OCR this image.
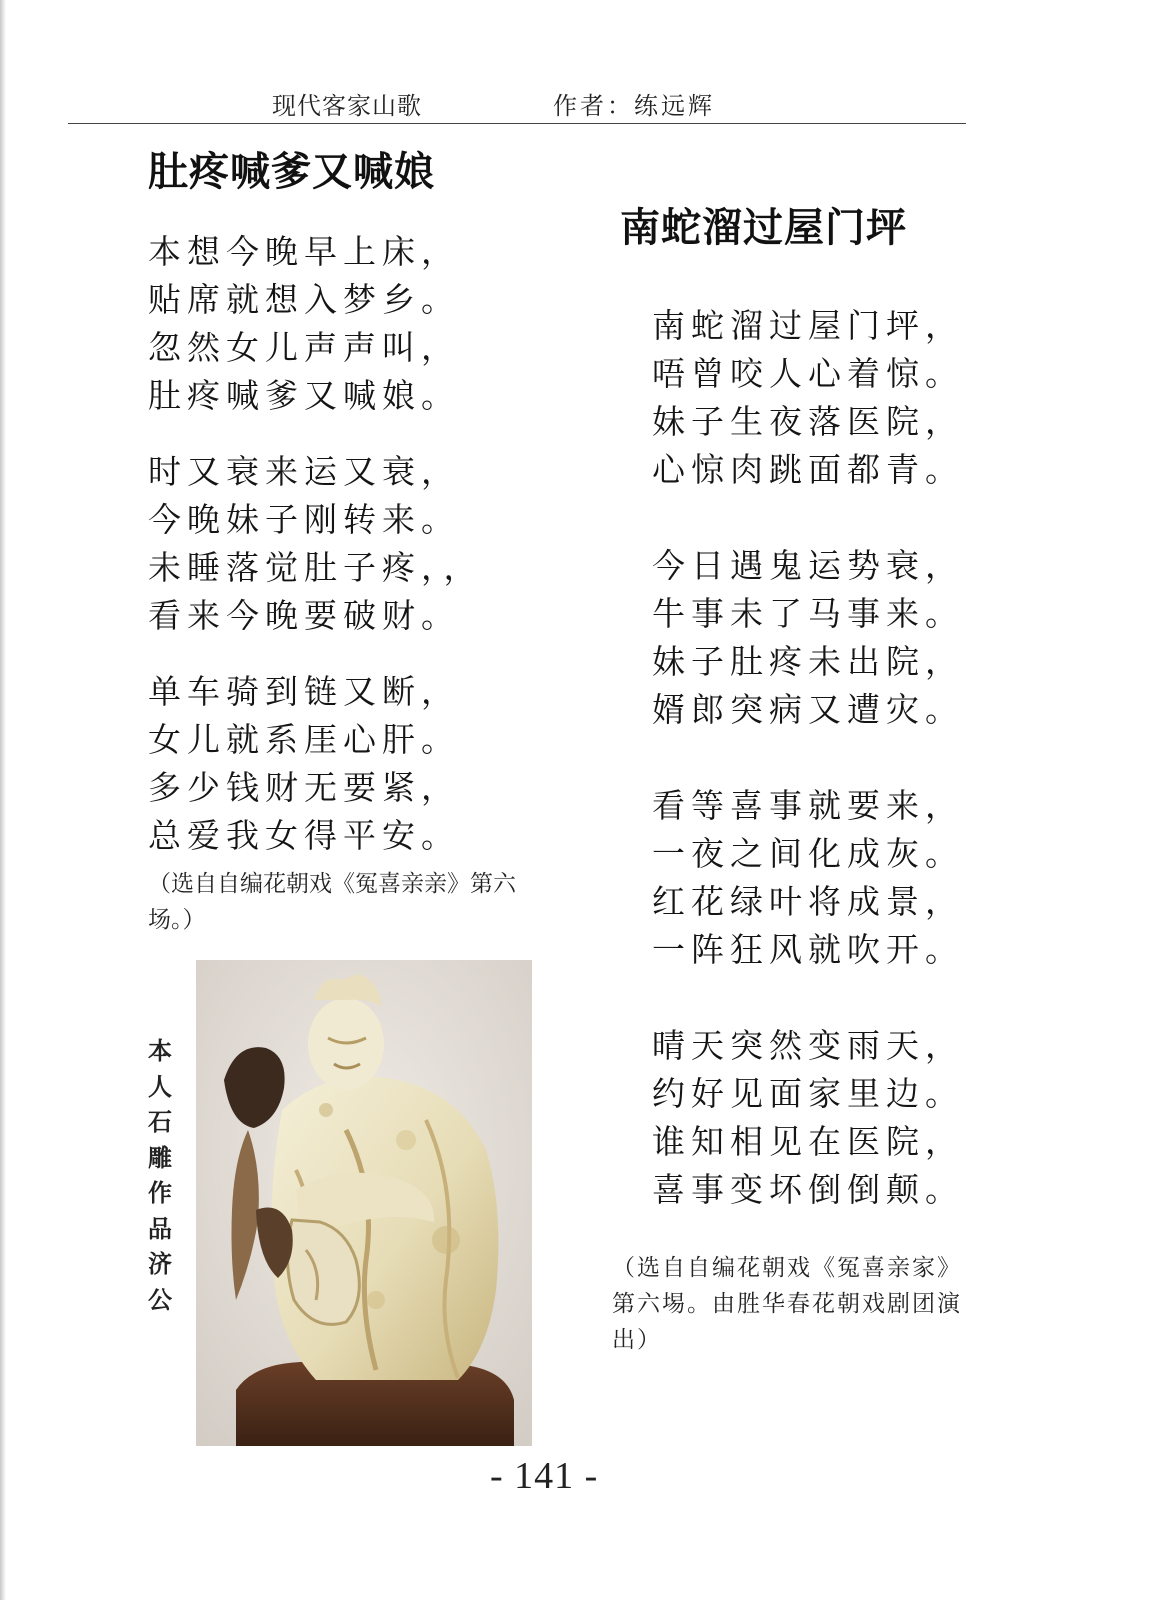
现代客家山歌	作者：练远辉
肚疼喊爹又喊娘
本想今晚早上床，
贴席就想入梦乡。
忽然女儿声声叫，
肚疼喊爹又喊娘。
时又衰来运又衰，
今晚妹子刚转来。
未睡落觉肚子疼，，
看来今晚要破财。
单车骑到链又断，
女儿就系厓心肝。
多少钱财无要紧，
总爱我女得平安。
（选自自编花朝戏《冤喜亲亲》第六场。）
本
人
石
雕
作
品
济
公
南蛇溜过屋门坪
南蛇溜过屋门坪，
唔曾咬人心着惊。
妹子生夜落医院，
心惊肉跳面都青。
今日遇鬼运势衰，
牛事未了马事来。
妹子肚疼未出院，
婿郎突病又遭灾。
看等喜事就要来，
一夜之间化成灰。
红花绿叶将成景，
一阵狂风就吹开。
晴天突然变雨天，
约好见面家里边。
谁知相见在医院，
喜事变坏倒倒颠。
（选自自编花朝戏《冤喜亲家》第六埸。由胜华春花朝戏剧团演出）
- 141 -
